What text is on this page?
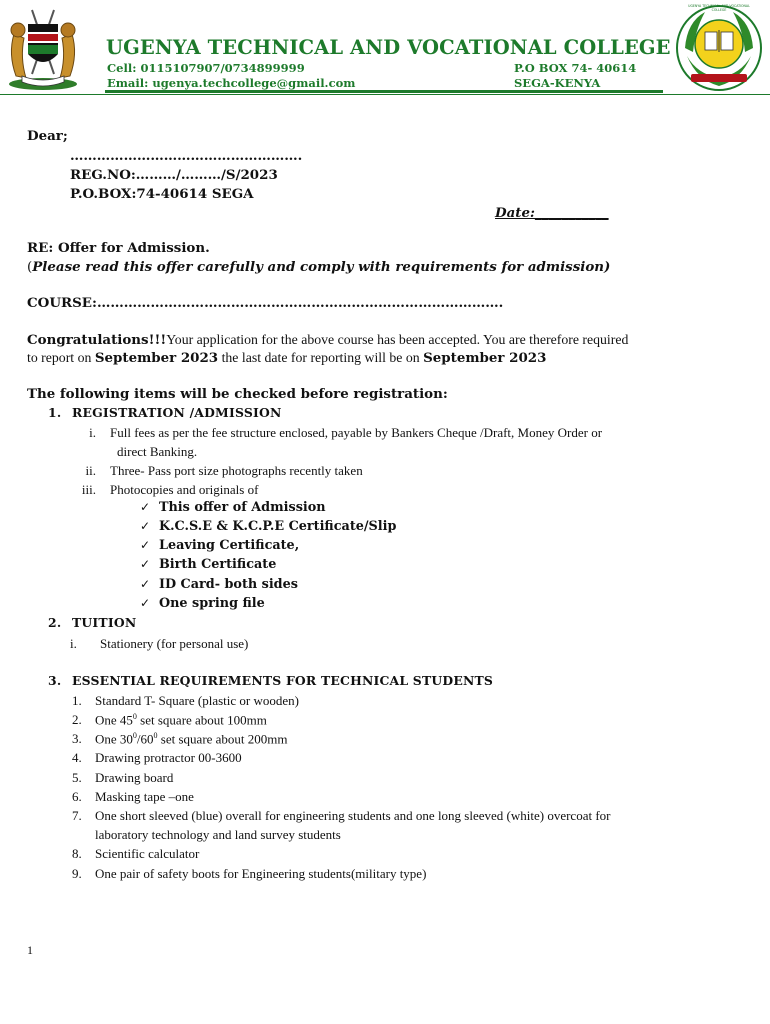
UGENYA TECHNICAL AND VOCATIONAL COLLEGE
Cell: 0115107907/0734899999
Email: ugenya.techcollege@gmail.com
P.O BOX 74- 40614
SEGA-KENYA
UGENYA TECHNICAL AND VOCATIONAL COLLEGE
Dear;
…………………………………………….
REG.NO:………/………/S/2023
P.O.BOX:74-40614 SEGA
Date:___________
RE: Offer for Admission.
(Please read this offer carefully and comply with requirements for admission)
COURSE:……………………………………………………………………………….
Congratulations!!!Your application for the above course has been accepted. You are therefore required
to report on September 2023 the last date for reporting will be on September 2023
The following items will be checked before registration:
1. REGISTRATION /ADMISSION
i. Full fees as per the fee structure enclosed, payable by Bankers Cheque /Draft, Money Order or
direct Banking.
ii. Three- Pass port size photographs recently taken
iii. Photocopies and originals of
✓ This offer of Admission
✓ K.C.S.E & K.C.P.E Certificate/Slip
✓ Leaving Certificate,
✓ Birth Certificate
✓ ID Card- both sides
✓ One spring file
2. TUITION
i. Stationery (for personal use)
3. ESSENTIAL REQUIREMENTS FOR TECHNICAL STUDENTS
1. Standard T- Square (plastic or wooden)
2. One $45^0$ set square about 100mm
3. One $30^0/60^0$ set square about 200mm
4. Drawing protractor 00-3600
5. Drawing board
6. Masking tape –one
7. One short sleeved (blue) overall for engineering students and one long sleeved (white) overcoat for
laboratory technology and land survey students
8. Scientific calculator
9. One pair of safety boots for Engineering students(military type)
1
